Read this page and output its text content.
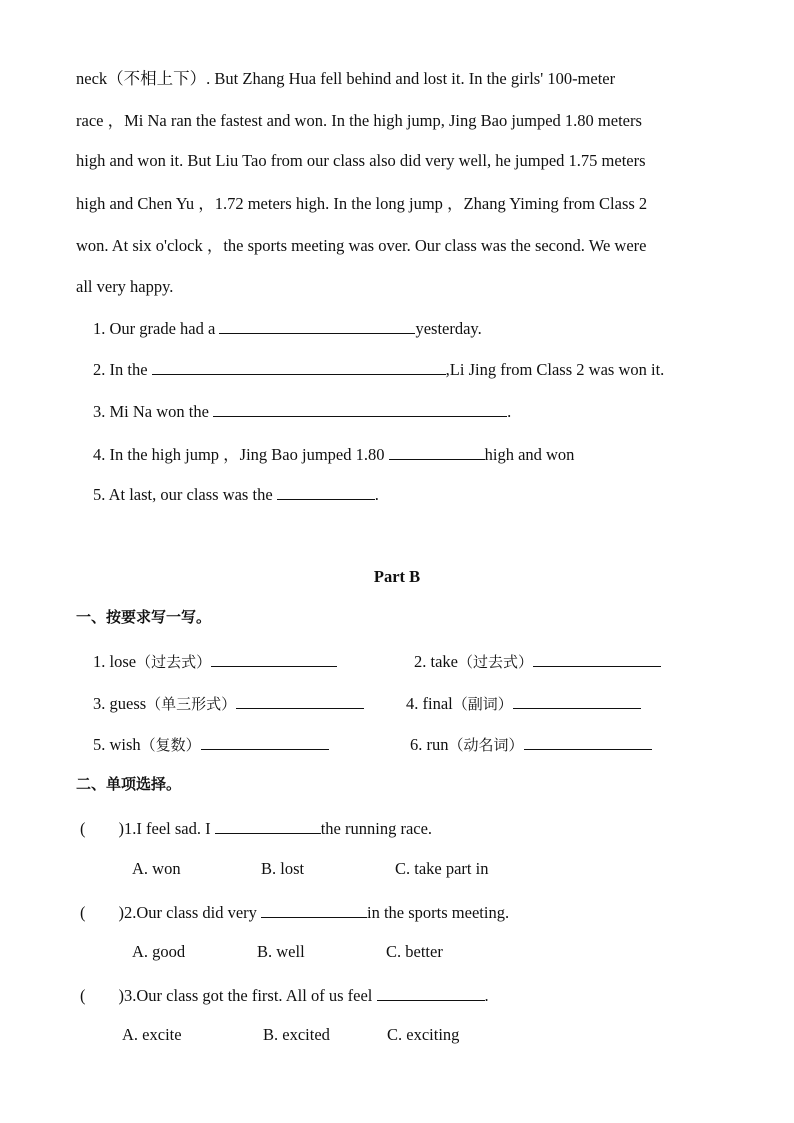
neck（不相上下）. But Zhang Hua fell behind and lost it. In the girls' 100-meter
race ，Mi Na ran the fastest and won. In the high jump, Jing Bao jumped 1.80 meters
high and won it. But Liu Tao from our class also did very well, he jumped 1.75 meters
high and Chen Yu ，1.72 meters high. In the long jump ，Zhang Yiming from Class 2
won. At six o'clock ，the sports meeting was over. Our class was the second. We were
all very happy.
1. Our grade had a	yesterday.
2. In the	,Li Jing from Class 2 was won it.
3. Mi Na won the	.
4. In the high jump ，Jing Bao jumped 1.80	high and won
5. At last, our class was the	.
Part B
一、按要求写一写。
1. lose（过去式）	2. take（过去式）
3. guess（单三形式）	4. final（副词）
5. wish（复数）	6. run（动名词）
二、单项选择。
(        )1.I feel sad. I	the running race.
A. won	B. lost	C. take part in
(        )2.Our class did very	in the sports meeting.
A. good	B. well	C. better
(        )3.Our class got the first. All of us feel	.
A. excite	B. excited	C. exciting
